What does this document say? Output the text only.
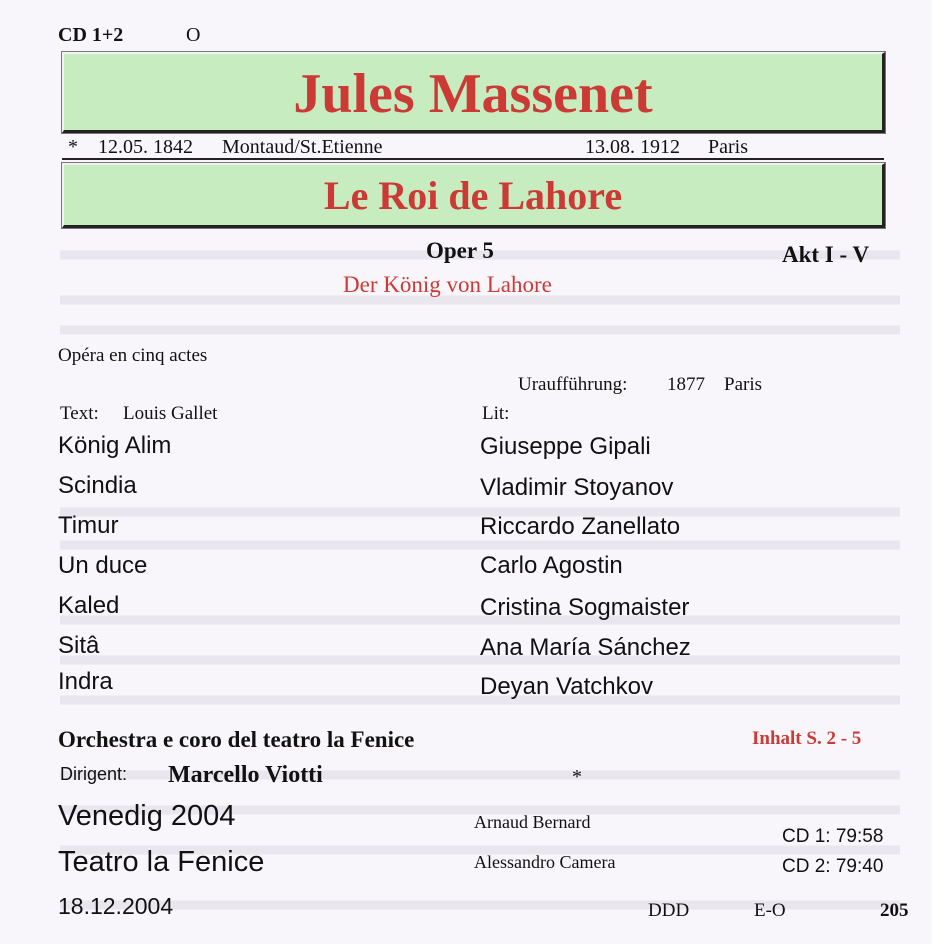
CD 1+2	O
Jules Massenet
* 12.05. 1842 Montaud/St.Etienne	13.08. 1912 Paris
Le Roi de Lahore
Oper 5	Akt I - V
Der König von Lahore
Opéra en cinq actes
Uraufführung: 1877 Paris
Text: Louis Gallet	Lit:
König Alim	Giuseppe Gipali
Scindia	Vladimir Stoyanov
Timur	Riccardo Zanellato
Un duce	Carlo Agostin
Kaled	Cristina Sogmaister
Sitâ	Ana María Sánchez
Indra	Deyan Vatchkov
Orchestra e coro del teatro la Fenice	Inhalt S. 2 - 5
Dirigent: Marcello Viotti	*
Venedig 2004	Arnaud Bernard
CD 1: 79:58
Teatro la Fenice	Alessandro Camera	CD 2: 79:40
18.12.2004	DDD	E-O	205
